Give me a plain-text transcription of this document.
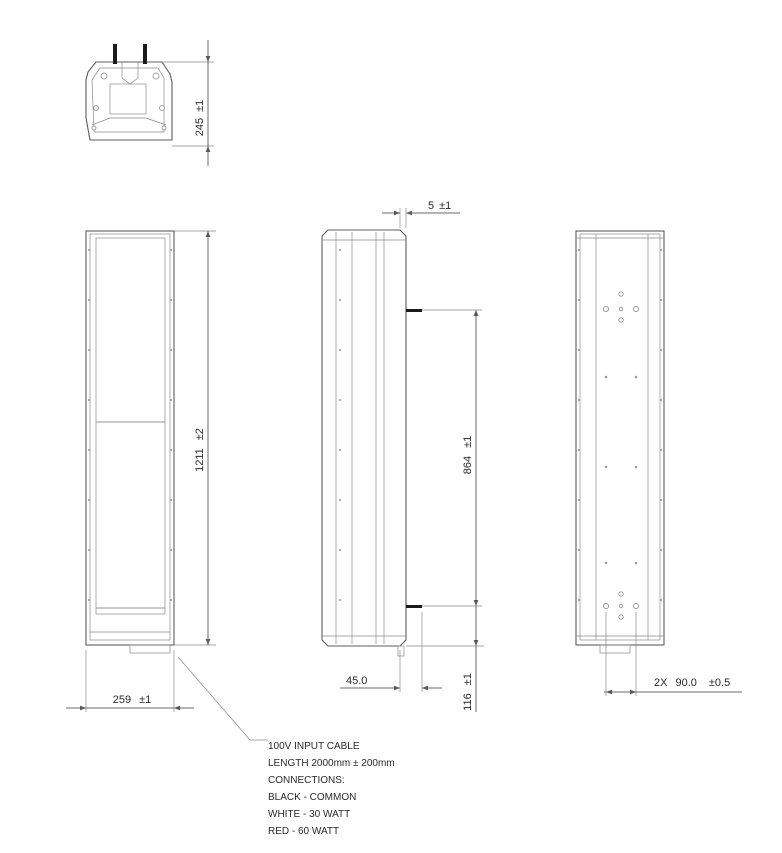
245±1
1211±2
259 ±1
5 ±1
864±1
45.0
116±1	2X 90.0 ±0.5
100V INPUT CABLE
LENGTH 2000mm ± 200mm
CONNECTIONS:
BLACK - COMMON
WHITE - 30 WATT
RED - 60 WATT
